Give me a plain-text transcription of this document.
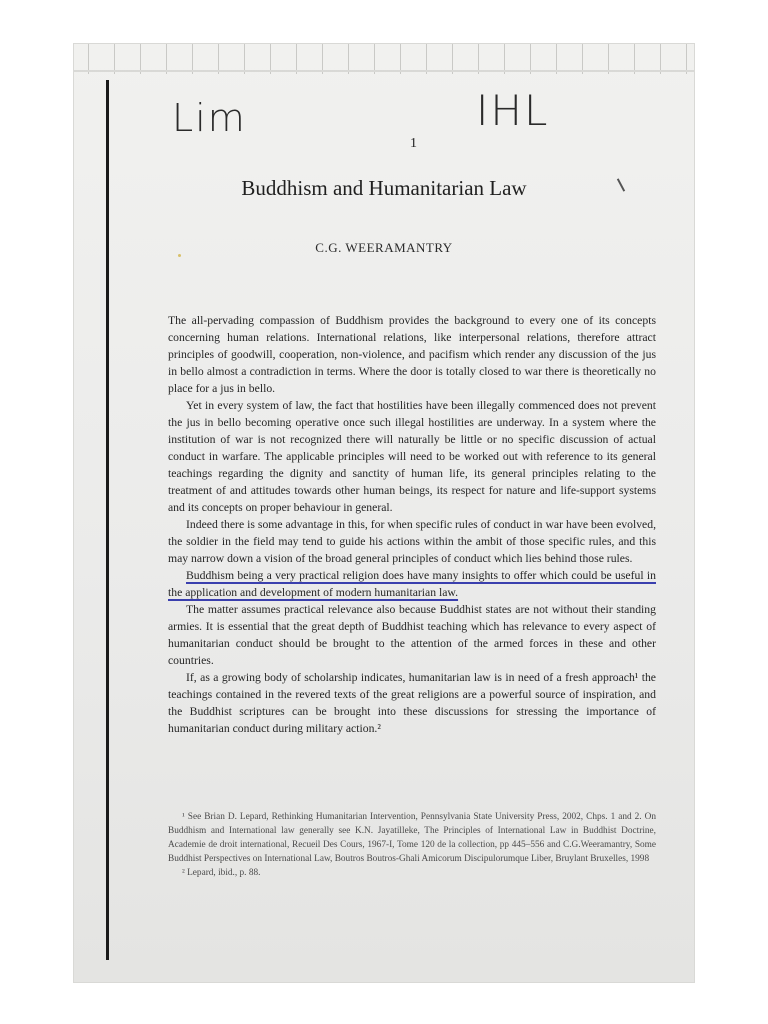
Lim	IHL
1
Buddhism and Humanitarian Law
C.G. WEERAMANTRY

The all-pervading compassion of Buddhism provides the background to every one of its concepts concerning human relations. International relations, like interpersonal relations, therefore attract principles of goodwill, cooperation, non-violence, and pacifism which render any discussion of the jus in bello almost a contradiction in terms. Where the door is totally closed to war there is theoretically no place for a jus in bello.

Yet in every system of law, the fact that hostilities have been illegally commenced does not prevent the jus in bello becoming operative once such illegal hostilities are underway. In a system where the institution of war is not recognized there will naturally be little or no specific discussion of actual conduct in warfare. The applicable principles will need to be worked out with reference to its general teachings regarding the dignity and sanctity of human life, its general principles relating to the treatment of and attitudes towards other human beings, its respect for nature and life-support systems and its concepts on proper behaviour in general.

Indeed there is some advantage in this, for when specific rules of conduct in war have been evolved, the soldier in the field may tend to guide his actions within the ambit of those specific rules, and this may narrow down a vision of the broad general principles of conduct which lies behind those rules.

Buddhism being a very practical religion does have many insights to offer which could be useful in the application and development of modern humanitarian law.

The matter assumes practical relevance also because Buddhist states are not without their standing armies. It is essential that the great depth of Buddhist teaching which has relevance to every aspect of humanitarian conduct should be brought to the attention of the armed forces in these and other countries.

If, as a growing body of scholarship indicates, humanitarian law is in need of a fresh approach¹ the teachings contained in the revered texts of the great religions are a powerful source of inspiration, and the Buddhist scriptures can be brought into these discussions for stressing the importance of humanitarian conduct during military action.²

¹ See Brian D. Lepard, Rethinking Humanitarian Intervention, Pennsylvania State University Press, 2002, Chps. 1 and 2. On Buddhism and International law generally see K.N. Jayatilleke, The Principles of International Law in Buddhist Doctrine, Academie de droit international, Recueil Des Cours, 1967-I, Tome 120 de la collection, pp 445–556 and C.G.Weeramantry, Some Buddhist Perspectives on International Law, Boutros Boutros-Ghali Amicorum Discipulorumque Liber, Bruylant Bruxelles, 1998

² Lepard, ibid., p. 88.
